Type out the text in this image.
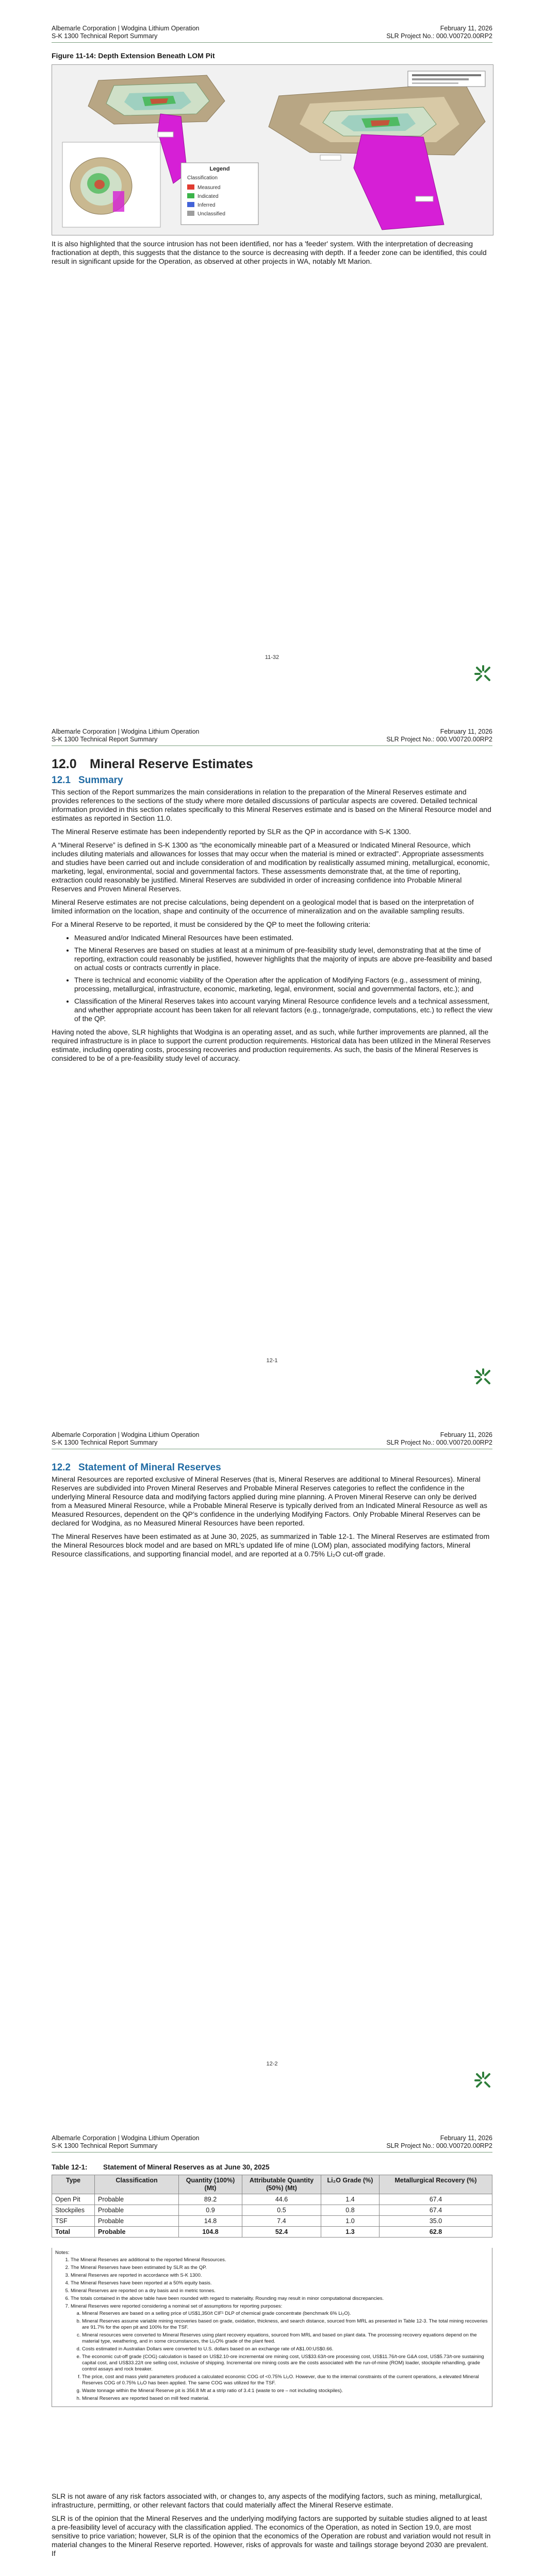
Albemarle Corporation | Wodgina Lithium Operation
S-K 1300 Technical Report Summary
February 11, 2026
SLR Project No.: 000.V00720.00RP2
Figure 11-14: Depth Extension Beneath LOM Pit
Legend
Classification
Measured
Indicated
Inferred
Unclassified

It is also highlighted that the source intrusion has not been identified, nor has a 'feeder' system. With the interpretation of decreasing fractionation at depth, this suggests that the distance to the source is decreasing with depth. If a feeder zone can be identified, this could result in significant upside for the Operation, as observed at other projects in WA, notably Mt Marion.

11-32
Albemarle Corporation | Wodgina Lithium Operation
S-K 1300 Technical Report Summary
February 11, 2026
SLR Project No.: 000.V00720.00RP2
12.0 Mineral Reserve Estimates
12.1 Summary

This section of the Report summarizes the main considerations in relation to the preparation of the Mineral Reserves estimate and provides references to the sections of the study where more detailed discussions of particular aspects are covered. Detailed technical information provided in this section relates specifically to this Mineral Reserves estimate and is based on the Mineral Resource model and estimates as reported in Section 11.0.

The Mineral Reserve estimate has been independently reported by SLR as the QP in accordance with S-K 1300.

A “Mineral Reserve” is defined in S-K 1300 as “the economically mineable part of a Measured or Indicated Mineral Resource, which includes diluting materials and allowances for losses that may occur when the material is mined or extracted”. Appropriate assessments and studies have been carried out and include consideration of and modification by realistically assumed mining, metallurgical, economic, marketing, legal, environmental, social and governmental factors. These assessments demonstrate that, at the time of reporting, extraction could reasonably be justified. Mineral Reserves are subdivided in order of increasing confidence into Probable Mineral Reserves and Proven Mineral Reserves.

Mineral Reserve estimates are not precise calculations, being dependent on a geological model that is based on the interpretation of limited information on the location, shape and continuity of the occurrence of mineralization and on the available sampling results.

For a Mineral Reserve to be reported, it must be considered by the QP to meet the following criteria:

• Measured and/or Indicated Mineral Resources have been estimated.
• The Mineral Reserves are based on studies at least at a minimum of pre-feasibility study level, demonstrating that at the time of reporting, extraction could reasonably be justified, however highlights that the majority of inputs are above pre-feasibility and based on actual costs or contracts currently in place.
• There is technical and economic viability of the Operation after the application of Modifying Factors (e.g., assessment of mining, processing, metallurgical, infrastructure, economic, marketing, legal, environment, social and governmental factors, etc.); and
• Classification of the Mineral Reserves takes into account varying Mineral Resource confidence levels and a technical assessment, and whether appropriate account has been taken for all relevant factors (e.g., tonnage/grade, computations, etc.) to reflect the view of the QP.

Having noted the above, SLR highlights that Wodgina is an operating asset, and as such, while further improvements are planned, all the required infrastructure is in place to support the current production requirements. Historical data has been utilized in the Mineral Reserves estimate, including operating costs, processing recoveries and production requirements. As such, the basis of the Mineral Reserves is considered to be of a pre-feasibility study level of accuracy.

12-1
Albemarle Corporation | Wodgina Lithium Operation
S-K 1300 Technical Report Summary
February 11, 2026
SLR Project No.: 000.V00720.00RP2
12.2 Statement of Mineral Reserves

Mineral Resources are reported exclusive of Mineral Reserves (that is, Mineral Reserves are additional to Mineral Resources). Mineral Reserves are subdivided into Proven Mineral Reserves and Probable Mineral Reserves categories to reflect the confidence in the underlying Mineral Resource data and modifying factors applied during mine planning. A Proven Mineral Reserve can only be derived from a Measured Mineral Resource, while a Probable Mineral Reserve is typically derived from an Indicated Mineral Resource as well as Measured Resources, dependent on the QP’s confidence in the underlying Modifying Factors. Only Probable Mineral Reserves can be declared for Wodgina, as no Measured Mineral Resources have been reported.

The Mineral Reserves have been estimated as at June 30, 2025, as summarized in Table 12-1. The Mineral Reserves are estimated from the Mineral Resources block model and are based on MRL’s updated life of mine (LOM) plan, associated modifying factors, Mineral Resource classifications, and supporting financial model, and are reported at a 0.75% Li₂O cut-off grade.

12-2
Albemarle Corporation | Wodgina Lithium Operation
S-K 1300 Technical Report Summary
February 11, 2026
SLR Project No.: 000.V00720.00RP2
Table 12-1: Statement of Mineral Reserves as at June 30, 2025
Type	Classification	Quantity (100%) (Mt)	Attributable Quantity (50%) (Mt)	Li₂O Grade (%)	Metallurgical Recovery (%)
Open Pit	Probable	89.2	44.6	1.4	67.4
Stockpiles	Probable	0.9	0.5	0.8	67.4
TSF	Probable	14.8	7.4	1.0	35.0
Total	Probable	104.8	52.4	1.3	62.8
Notes:
1. The Mineral Reserves are additional to the reported Mineral Resources.
2. The Mineral Reserves have been estimated by SLR as the QP.
3. Mineral Reserves are reported in accordance with S-K 1300.
4. The Mineral Reserves have been reported at a 50% equity basis.
5. Mineral Reserves are reported on a dry basis and in metric tonnes.
6. The totals contained in the above table have been rounded with regard to materiality. Rounding may result in minor computational discrepancies.
7. Mineral Reserves were reported considering a nominal set of assumptions for reporting purposes:
a. Mineral Reserves are based on a selling price of US$1,350/t CIF¹ DLP of chemical grade concentrate (benchmark 6% Li₂O).
b. Mineral Reserves assume variable mining recoveries based on grade, oxidation, thickness, and search distance, sourced from MRL as presented in Table 12-3. The total mining recoveries are 91.7% for the open pit and 100% for the TSF.
c. Mineral resources were converted to Mineral Reserves using plant recovery equations, sourced from MRL and based on plant data. The processing recovery equations depend on the material type, weathering, and in some circumstances, the Li₂O% grade of the plant feed.
d. Costs estimated in Australian Dollars were converted to U.S. dollars based on an exchange rate of A$1.00:US$0.66.
e. The economic cut-off grade (COG) calculation is based on US$2.10-ore incremental ore mining cost, US$33.63/t-ore processing cost, US$11.76/t-ore G&A cost, US$5.73/t-ore sustaining capital cost, and US$33.22/t ore selling cost, inclusive of shipping. Incremental ore mining costs are the costs associated with the run-of-mine (ROM) loader, stockpile rehandling, grade control assays and rock breaker.
f. The price, cost and mass yield parameters produced a calculated economic COG of <0.75% Li₂O. However, due to the internal constraints of the current operations, a elevated Mineral Reserves COG of 0.75% Li₂O has been applied. The same COG was utilized for the TSF.
g. Waste tonnage within the Mineral Reserve pit is 356.8 Mt at a strip ratio of 3.4:1 (waste to ore – not including stockpiles).
h. Mineral Reserves are reported based on mill feed material.

SLR is not aware of any risk factors associated with, or changes to, any aspects of the modifying factors, such as mining, metallurgical, infrastructure, permitting, or other relevant factors that could materially affect the Mineral Reserve estimate.

SLR is of the opinion that the Mineral Reserves and the underlying modifying factors are supported by suitable studies aligned to at least a pre-feasibility level of accuracy with the classification applied. The economics of the Operation, as noted in Section 19.0, are most sensitive to price variation; however, SLR is of the opinion that the economics of the Operation are robust and variation would not result in material changes to the Mineral Reserve reported. However, risks of approvals for waste and tailings storage beyond 2030 are prevalent. If
